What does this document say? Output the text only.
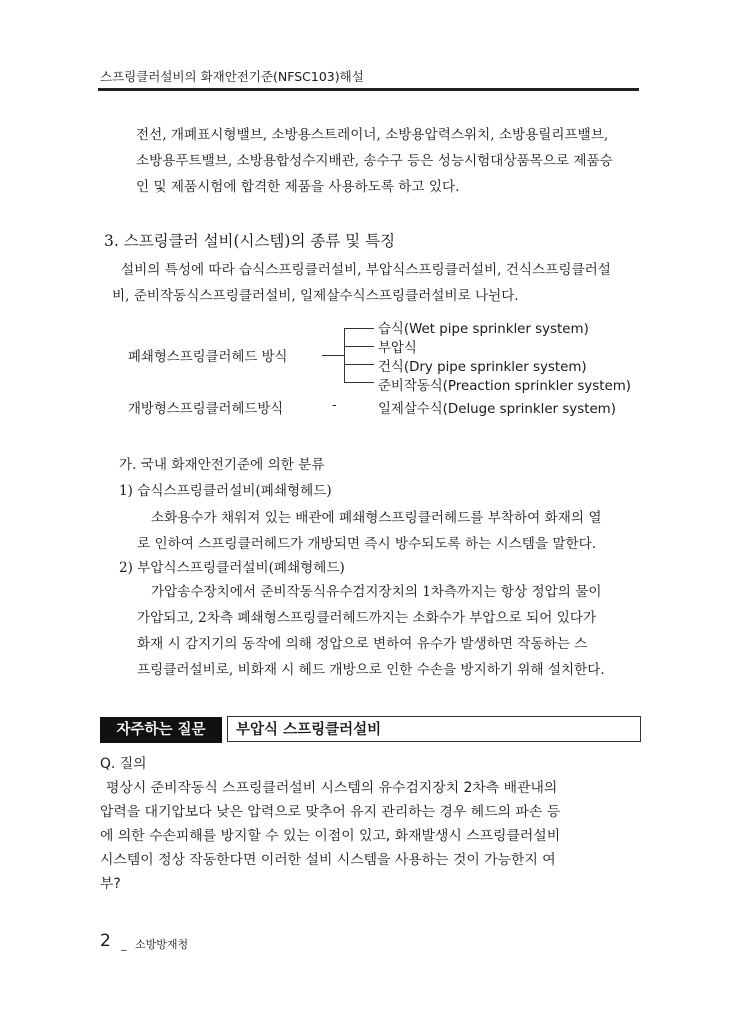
스프링클러설비의 화재안전기준(NFSC103)해설

전선, 개폐표시형밸브, 소방용스트레이너, 소방용압력스위치, 소방용릴리프밸브,

소방용푸트밸브, 소방용합성수지배관, 송수구 등은 성능시험대상품목으로 제품승

인 및 제품시험에 합격한 제품을 사용하도록 하고 있다.

3. 스프링클러 설비(시스템)의 종류 및 특징

설비의 특성에 따라 습식스프링클러설비, 부압식스프링클러설비, 건식스프링클러설

비, 준비작동식스프링클러설비, 일제살수식스프링클러설비로 나뉜다.

폐쇄형스프링클러헤드 방식
습식(Wet pipe sprinkler system)
부압식
건식(Dry pipe sprinkler system)
준비작동식(Preaction sprinkler system)
개방형스프링클러헤드방식	-	일제살수식(Deluge sprinkler system)
가. 국내 화재안전기준에 의한 분류
1) 습식스프링클러설비(폐쇄형헤드)

소화용수가 채워져 있는 배관에 폐쇄형스프링클러헤드를 부착하여 화재의 열

로 인하여 스프링클러헤드가 개방되면 즉시 방수되도록 하는 시스템을 말한다.

2) 부압식스프링클러설비(폐쇄형헤드)

가압송수장치에서 준비작동식유수검지장치의 1차측까지는 항상 정압의 물이

가압되고, 2차측 폐쇄형스프링클러헤드까지는 소화수가 부압으로 되어 있다가

화재 시 감지기의 동작에 의해 정압으로 변하여 유수가 발생하면 작동하는 스

프링클러설비로, 비화재 시 헤드 개방으로 인한 수손을 방지하기 위해 설치한다.

자주하는 질문	부압식 스프링클러설비
Q. 질의

평상시 준비작동식 스프링클러설비 시스템의 유수검지장치 2차측 배관내의

압력을 대기압보다 낮은 압력으로 맞추어 유지 관리하는 경우 헤드의 파손 등

에 의한 수손피해를 방지할 수 있는 이점이 있고, 화재발생시 스프링클러설비

시스템이 정상 작동한다면 이러한 설비 시스템을 사용하는 것이 가능한지 여

부?

2 _ 소방방재청
